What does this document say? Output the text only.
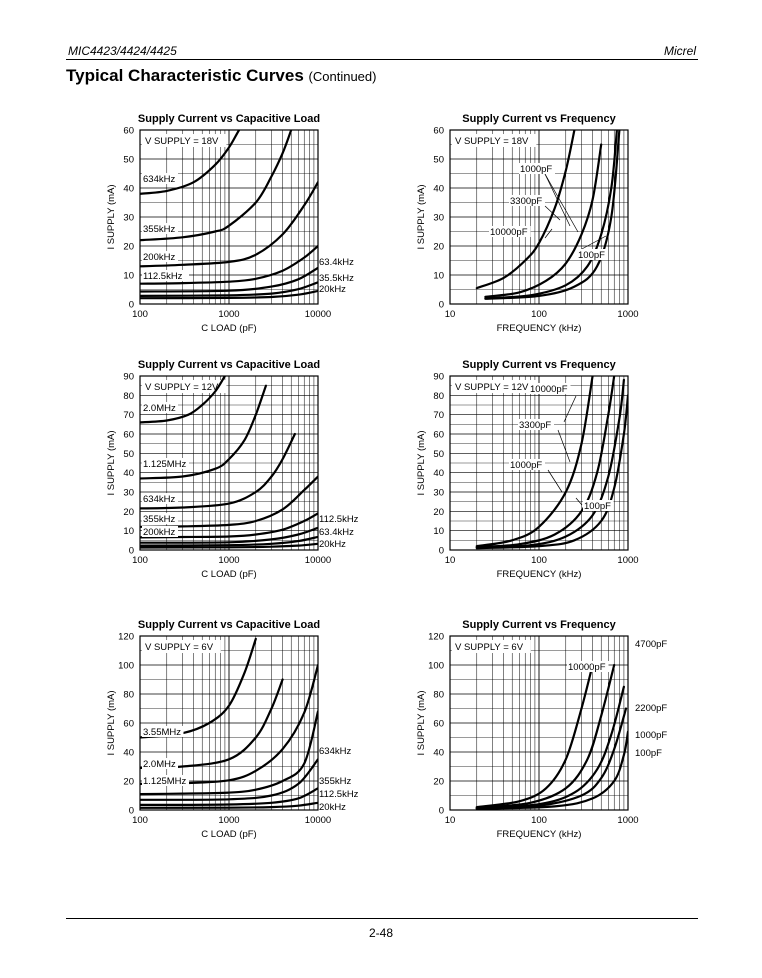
MIC4423/4424/4425	Micrel
Typical Characteristic Curves (Continued)
Supply Current vs Capacitive Load
0
10
20
30
40
50
60
100	1000	10000
C LOAD (pF)
I SUPPLY (mA)
V SUPPLY = 18V
634kHz
355kHz
200kHz
112.5kHz
63.4kHz
35.5kHz
20kHz
Supply Current vs Frequency
0
10
20
30
40
50
60
10	100	1000
FREQUENCY (kHz)
I SUPPLY (mA)
V SUPPLY = 18V
1000pF
3300pF
10000pF
100pF
Supply Current vs Capacitive Load
0
10
20
30
40
50
60
70
80
90
100	1000	10000
C LOAD (pF)
I SUPPLY (mA)
V SUPPLY = 12V
2.0MHz
1.125MHz
634kHz
355kHz
200kHz
112.5kHz
63.4kHz
20kHz
Supply Current vs Frequency
0
10
20
30
40
50
60
70
80
90
10	100	1000
FREQUENCY (kHz)
I SUPPLY (mA)
V SUPPLY = 12V 10000pF
3300pF
1000pF
100pF
Supply Current vs Capacitive Load
0
20
40
60
80
100
120
100	1000	10000
C LOAD (pF)
I SUPPLY (mA)
V SUPPLY = 6V
3.55MHz
2.0MHz
1.125MHz
634kHz
355kHz
112.5kHz
20kHz
Supply Current vs Frequency
0
20
40
60
80
100
120
10	100	1000
FREQUENCY (kHz)
I SUPPLY (mA)
V SUPPLY = 6V
10000pF
4700pF
2200pF
1000pF
100pF
2-48
